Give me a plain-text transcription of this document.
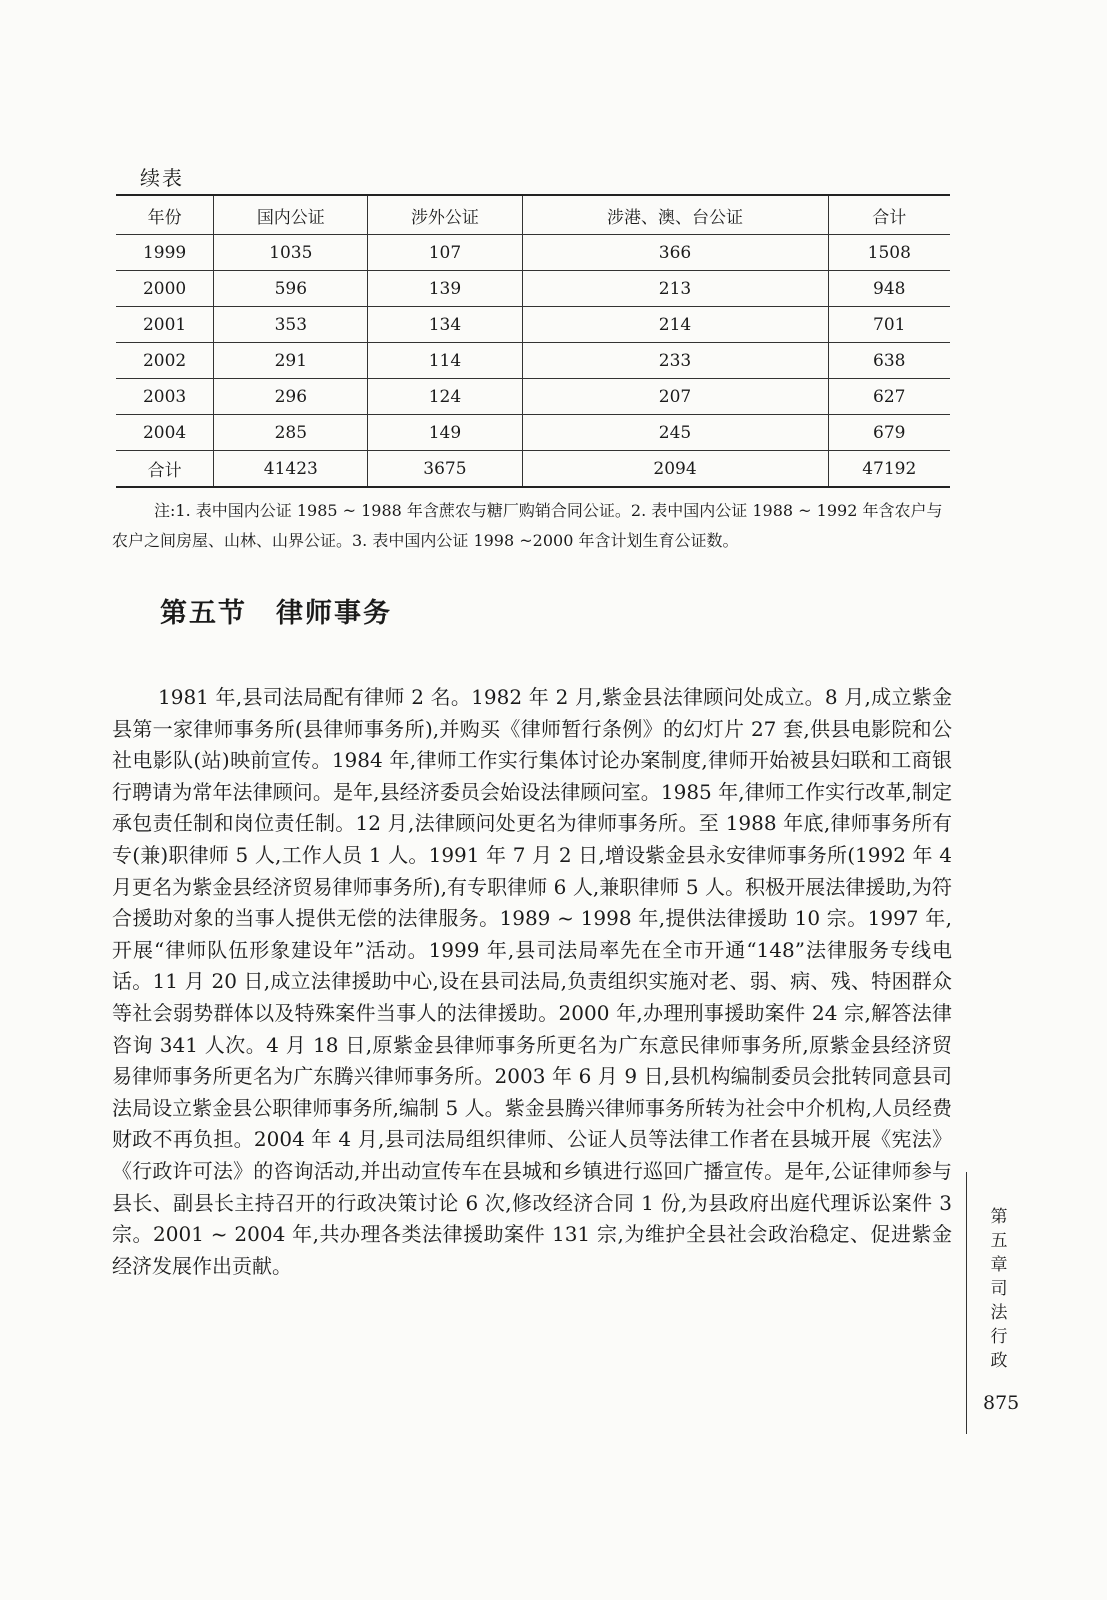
续表
年份	国内公证	涉外公证	涉港、澳、台公证	合计
1999	1035	107	366	1508
2000	596	139	213	948
2001	353	134	214	701
2002	291	114	233	638
2003	296	124	207	627
2004	285	149	245	679
合计	41423	3675	2094	47192
注:1. 表中国内公证 1985 ~ 1988 年含蔗农与糖厂购销合同公证。2. 表中国内公证 1988 ~ 1992 年含农户与农户之间房屋、山林、山界公证。3. 表中国内公证 1998 ~2000 年含计划生育公证数。
第五节　律师事务

1981 年,县司法局配有律师 2 名。1982 年 2 月,紫金县法律顾问处成立。8 月,成立紫金县第一家律师事务所(县律师事务所),并购买《律师暂行条例》的幻灯片 27 套,供县电影院和公社电影队(站)映前宣传。1984 年,律师工作实行集体讨论办案制度,律师开始被县妇联和工商银行聘请为常年法律顾问。是年,县经济委员会始设法律顾问室。1985 年,律师工作实行改革,制定承包责任制和岗位责任制。12 月,法律顾问处更名为律师事务所。至 1988 年底,律师事务所有专(兼)职律师 5 人,工作人员 1 人。1991 年 7 月 2 日,增设紫金县永安律师事务所(1992 年 4 月更名为紫金县经济贸易律师事务所),有专职律师 6 人,兼职律师 5 人。积极开展法律援助,为符合援助对象的当事人提供无偿的法律服务。1989 ~ 1998 年,提供法律援助 10 宗。1997 年,开展“律师队伍形象建设年”活动。1999 年,县司法局率先在全市开通“148”法律服务专线电话。11 月 20 日,成立法律援助中心,设在县司法局,负责组织实施对老、弱、病、残、特困群众等社会弱势群体以及特殊案件当事人的法律援助。2000 年,办理刑事援助案件 24 宗,解答法律咨询 341 人次。4 月 18 日,原紫金县律师事务所更名为广东意民律师事务所,原紫金县经济贸易律师事务所更名为广东腾兴律师事务所。2003 年 6 月 9 日,县机构编制委员会批转同意县司法局设立紫金县公职律师事务所,编制 5 人。紫金县腾兴律师事务所转为社会中介机构,人员经费财政不再负担。2004 年 4 月,县司法局组织律师、公证人员等法律工作者在县城开展《宪法》《行政许可法》的咨询活动,并出动宣传车在县城和乡镇进行巡回广播宣传。是年,公证律师参与县长、副县长主持召开的行政决策讨论 6 次,修改经济合同 1 份,为县政府出庭代理诉讼案件 3 宗。2001 ~ 2004 年,共办理各类法律援助案件 131 宗,为维护全县社会政治稳定、促进紫金经济发展作出贡献。

第五章　司法行政
875
